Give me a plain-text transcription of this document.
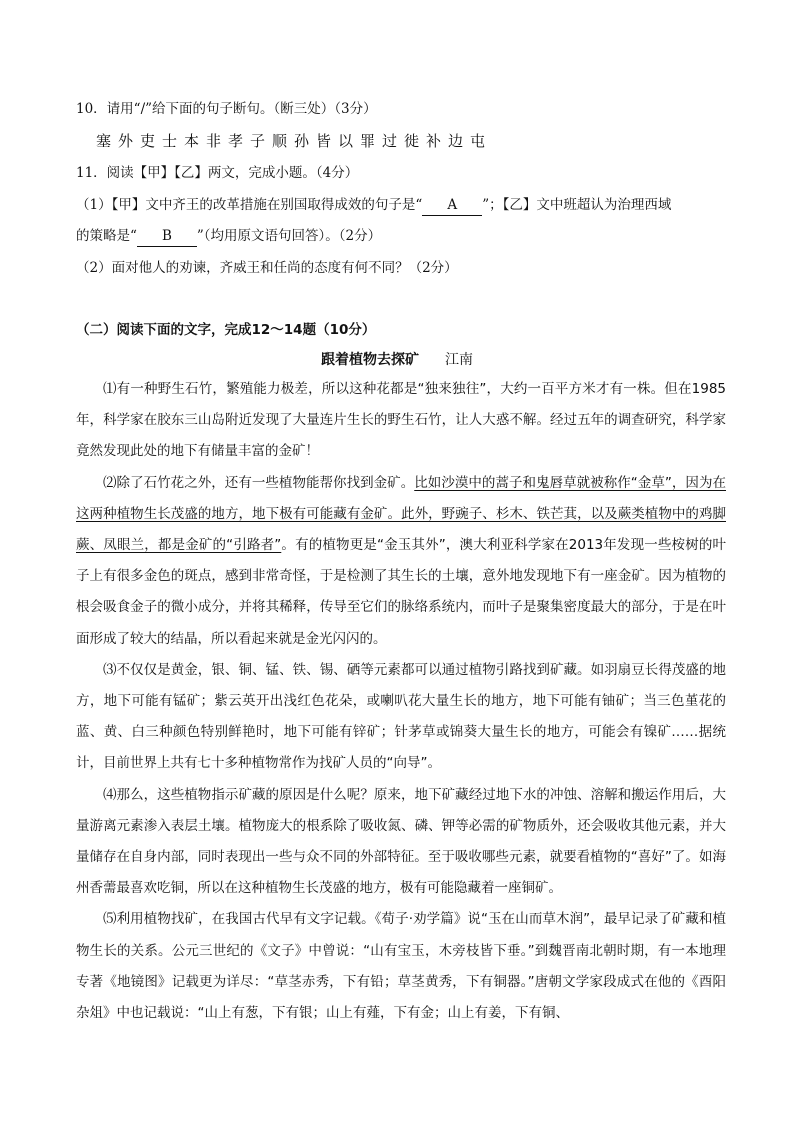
10．请用“/”给下面的句子断句。（断三处）（3分）
塞外吏士本非孝子顺孙皆以罪过徙补边屯
11．阅读【甲】【乙】两文，完成小题。（4分）
（1）【甲】文中齐王的改革措施在别国取得成效的句子是“ A ”；【乙】文中班超认为治理西域
的策略是“ B ”（均用原文语句回答）。（2分）
（2）面对他人的劝谏，齐威王和任尚的态度有何不同？（2分）
（二）阅读下面的文字，完成12～14题（10分）
跟着植物去探矿 江南

⑴有一种野生石竹，繁殖能力极差，所以这种花都是“独来独往”，大约一百平方米才有一株。但在1985年，科学家在胶东三山岛附近发现了大量连片生长的野生石竹，让人大惑不解。经过五年的调查研究，科学家竟然发现此处的地下有储量丰富的金矿！

⑵除了石竹花之外，还有一些植物能帮你找到金矿。比如沙漠中的蒿子和鬼唇草就被称作“金草”，因为在这两种植物生长茂盛的地方，地下极有可能藏有金矿。此外，野豌子、杉木、铁芒萁，以及蕨类植物中的鸡脚蕨、凤眼兰，都是金矿的“引路者”。有的植物更是“金玉其外”，澳大利亚科学家在2013年发现一些桉树的叶子上有很多金色的斑点，感到非常奇怪，于是检测了其生长的土壤，意外地发现地下有一座金矿。因为植物的根会吸食金子的微小成分，并将其稀释，传导至它们的脉络系统内，而叶子是聚集密度最大的部分，于是在叶面形成了较大的结晶，所以看起来就是金光闪闪的。

⑶不仅仅是黄金，银、铜、锰、铁、锡、硒等元素都可以通过植物引路找到矿藏。如羽扇豆长得茂盛的地方，地下可能有锰矿；紫云英开出浅红色花朵，或喇叭花大量生长的地方，地下可能有铀矿；当三色堇花的蓝、黄、白三种颜色特别鲜艳时，地下可能有锌矿；针茅草或锦葵大量生长的地方，可能会有镍矿……据统计，目前世界上共有七十多种植物常作为找矿人员的“向导”。

⑷那么，这些植物指示矿藏的原因是什么呢？原来，地下矿藏经过地下水的冲蚀、溶解和搬运作用后，大量游离元素渗入表层土壤。植物庞大的根系除了吸收氮、磷、钾等必需的矿物质外，还会吸收其他元素，并大量储存在自身内部，同时表现出一些与众不同的外部特征。至于吸收哪些元素，就要看植物的“喜好”了。如海州香薷最喜欢吃铜，所以在这种植物生长茂盛的地方，极有可能隐藏着一座铜矿。

⑸利用植物找矿，在我国古代早有文字记载。《荀子·劝学篇》说“玉在山而草木润”，最早记录了矿藏和植物生长的关系。公元三世纪的《文子》中曾说：“山有宝玉，木旁枝皆下垂。”到魏晋南北朝时期，有一本地理专著《地镜图》记载更为详尽：“草茎赤秀，下有铅；草茎黄秀，下有铜器。”唐朝文学家段成式在他的《酉阳杂俎》中也记载说：“山上有葱，下有银；山上有薤，下有金；山上有姜，下有铜、
